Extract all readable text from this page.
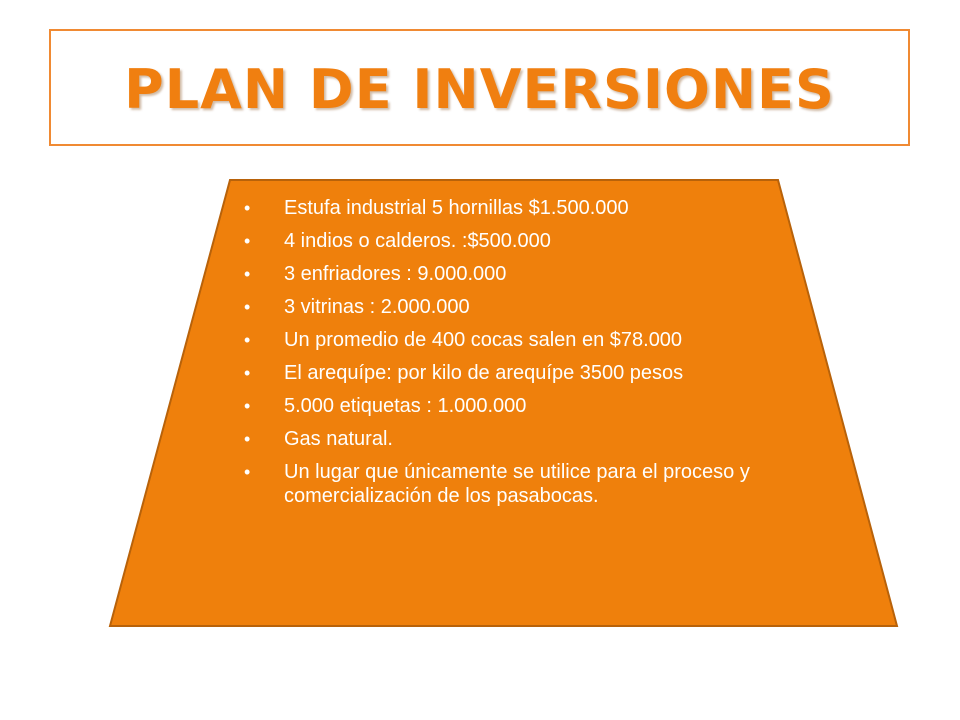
PLAN DE INVERSIONES
• Estufa industrial 5 hornillas $1.500.000
• 4 indios o calderos. :$500.000
• 3 enfriadores : 9.000.000
• 3 vitrinas : 2.000.000
• Un promedio de 400 cocas salen en $78.000
• El arequípe: por kilo de arequípe 3500 pesos
• 5.000 etiquetas : 1.000.000
• Gas natural.
• Un lugar que únicamente se utilice para el proceso y comercialización de los pasabocas.
